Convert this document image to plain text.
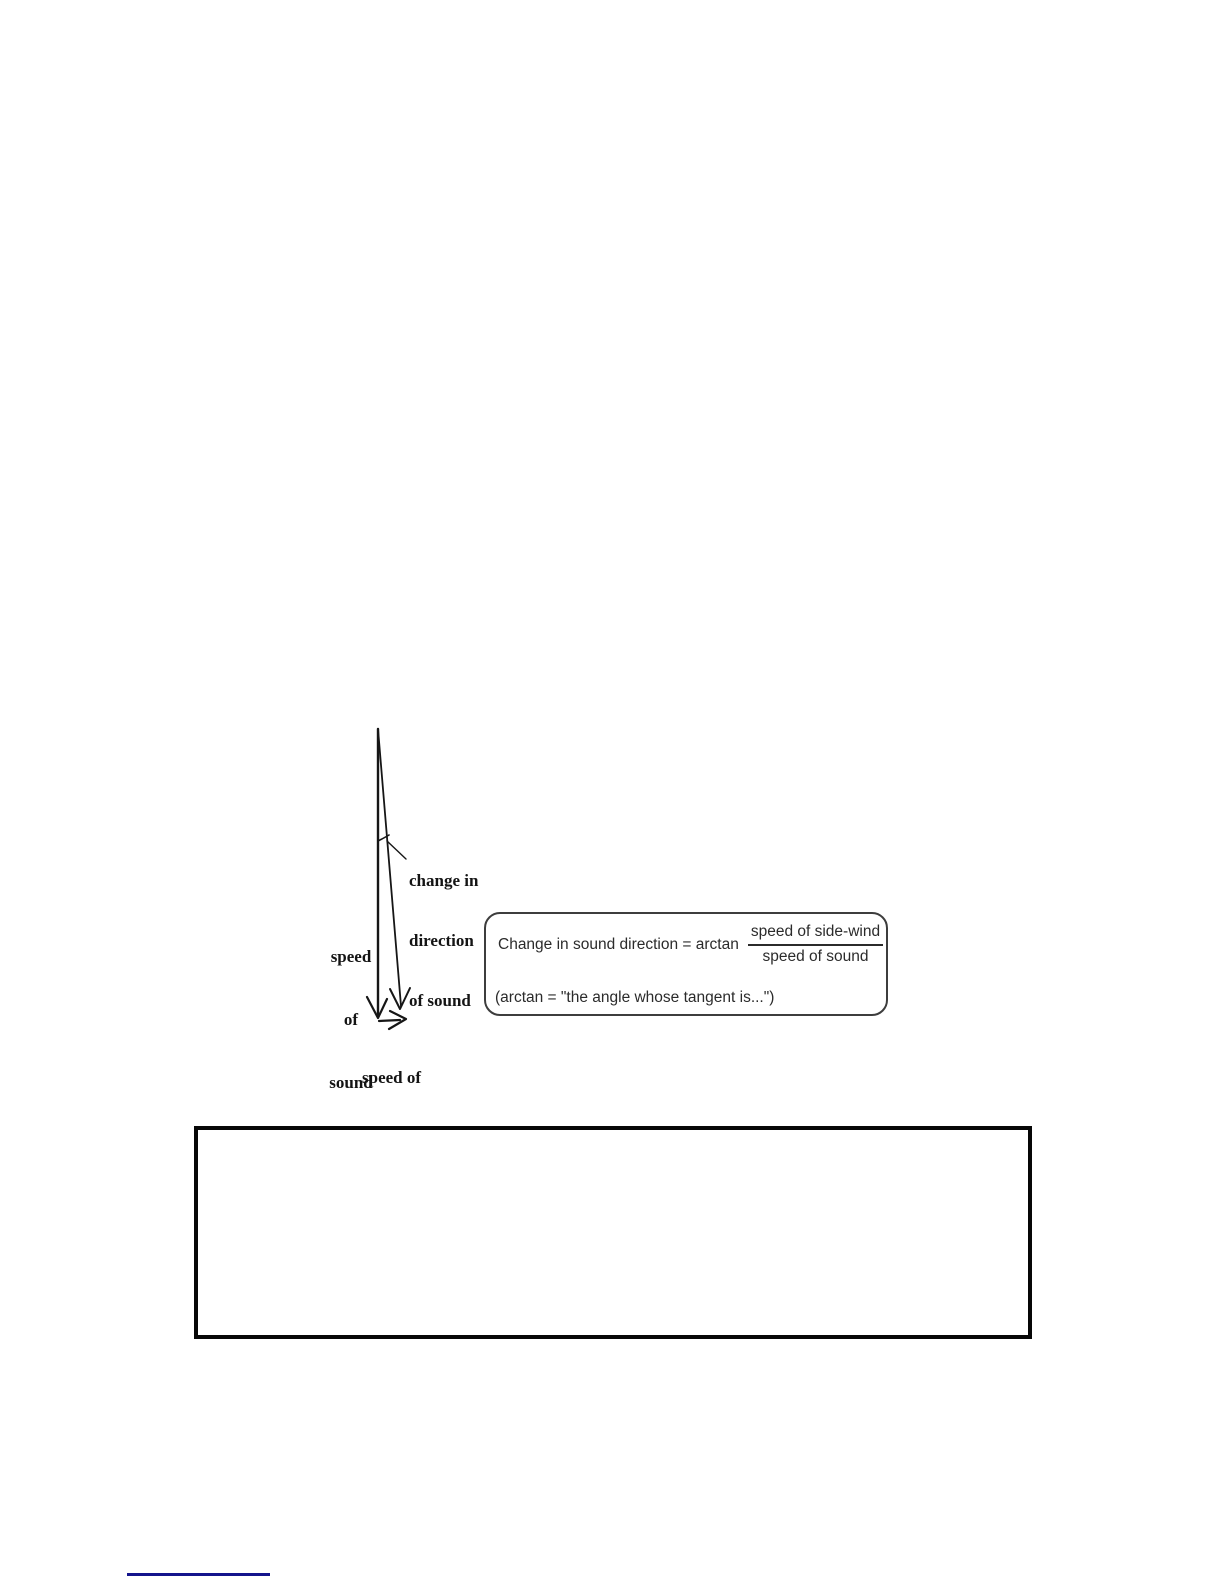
change in

direction

of sound

speed

of

sound

speed of

Change in sound direction = $\arctan \frac{\text{speed of side-wind}}{\text{speed of sound}}$
(arctan = "the angle whose tangent is...")
